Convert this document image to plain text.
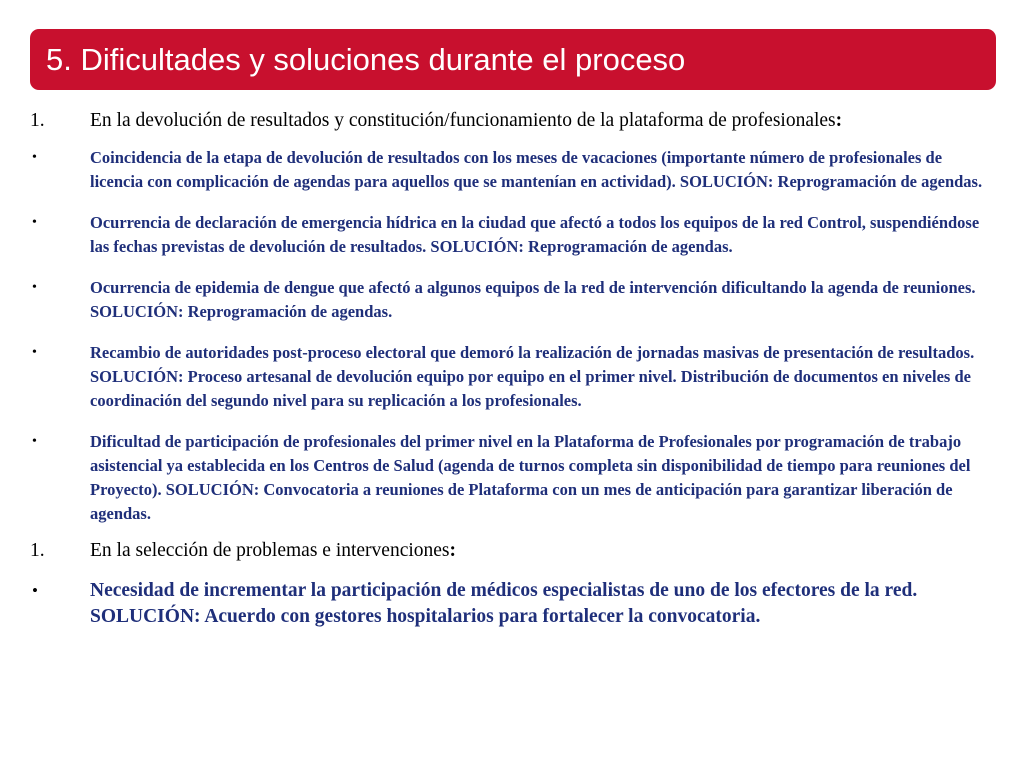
5. Dificultades y soluciones durante el proceso
1.	En la devolución de resultados y constitución/funcionamiento de la plataforma de profesionales:
•	Coincidencia de la etapa de devolución de resultados con los meses de vacaciones (importante número de profesionales de licencia con complicación de agendas para aquellos que se mantenían en actividad). SOLUCIÓN: Reprogramación de agendas.
•	Ocurrencia de declaración de emergencia hídrica en la ciudad que afectó a todos los equipos de la red Control, suspendiéndose las fechas previstas de devolución de resultados. SOLUCIÓN: Reprogramación de agendas.
•	Ocurrencia de epidemia de dengue que afectó a algunos equipos de la red de intervención dificultando la agenda de reuniones. SOLUCIÓN: Reprogramación de agendas.
•	Recambio de autoridades post-proceso electoral que demoró la realización de jornadas masivas de presentación de resultados. SOLUCIÓN: Proceso artesanal de devolución equipo por equipo en el primer nivel. Distribución de documentos en niveles de coordinación del segundo nivel para su replicación a los profesionales.
•	Dificultad de participación de profesionales del primer nivel en la Plataforma de Profesionales por programación de trabajo asistencial ya establecida en los Centros de Salud (agenda de turnos completa sin disponibilidad de tiempo para reuniones del Proyecto). SOLUCIÓN: Convocatoria a reuniones de Plataforma con un mes de anticipación para garantizar liberación de agendas.
1.	En la selección de problemas e intervenciones:
•	Necesidad de incrementar la participación de médicos especialistas de uno de los efectores de la red. SOLUCIÓN: Acuerdo con gestores hospitalarios para fortalecer la convocatoria.
